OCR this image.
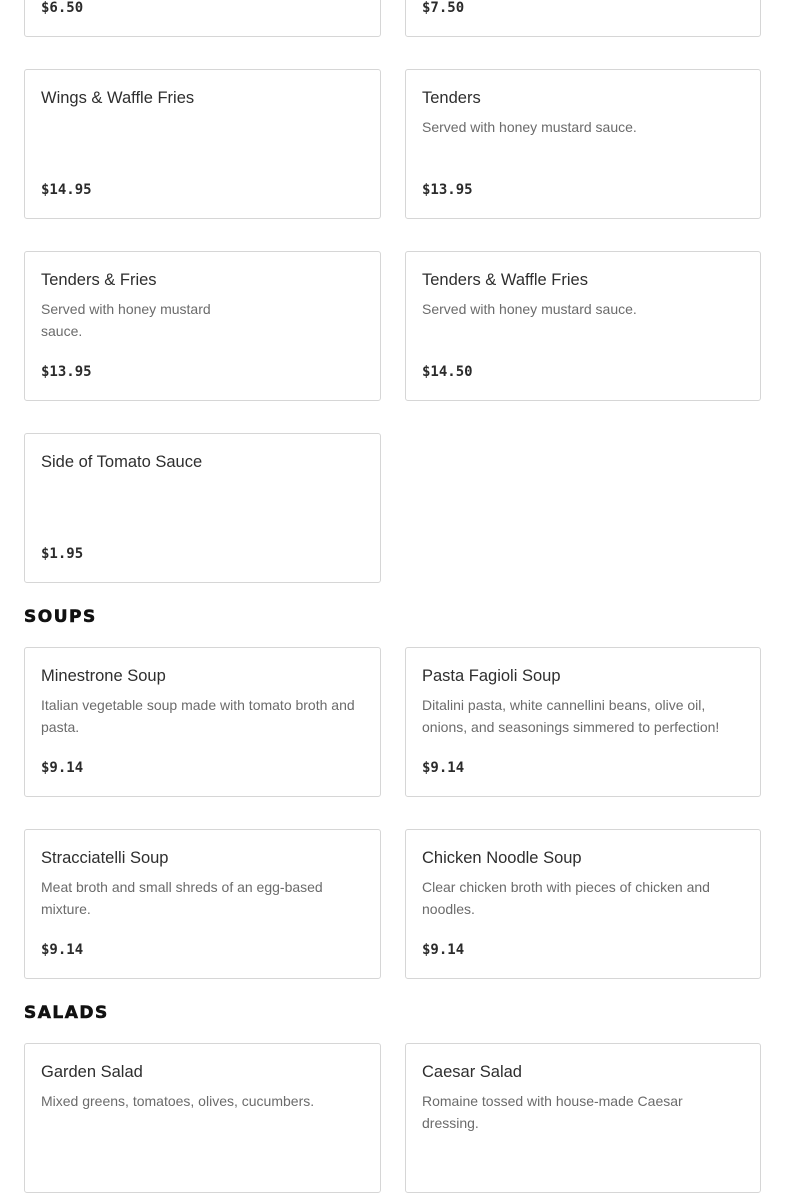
$6.50	$7.50
Wings & Waffle Fries
$14.95
Tenders
Served with honey mustard sauce.
$13.95
Tenders & Fries
Served with honey mustard sauce.
$13.95
Tenders & Waffle Fries
Served with honey mustard sauce.
$14.50
Side of Tomato Sauce
$1.95
SOUPS
Minestrone Soup
Italian vegetable soup made with tomato broth and pasta.
$9.14
Pasta Fagioli Soup
Ditalini pasta, white cannellini beans, olive oil, onions, and seasonings simmered to perfection!
$9.14
Stracciatelli Soup
Meat broth and small shreds of an egg-based mixture.
$9.14
Chicken Noodle Soup
Clear chicken broth with pieces of chicken and noodles.
$9.14
SALADS
Garden Salad
Mixed greens, tomatoes, olives, cucumbers.
Caesar Salad
Romaine tossed with house-made Caesar dressing.
